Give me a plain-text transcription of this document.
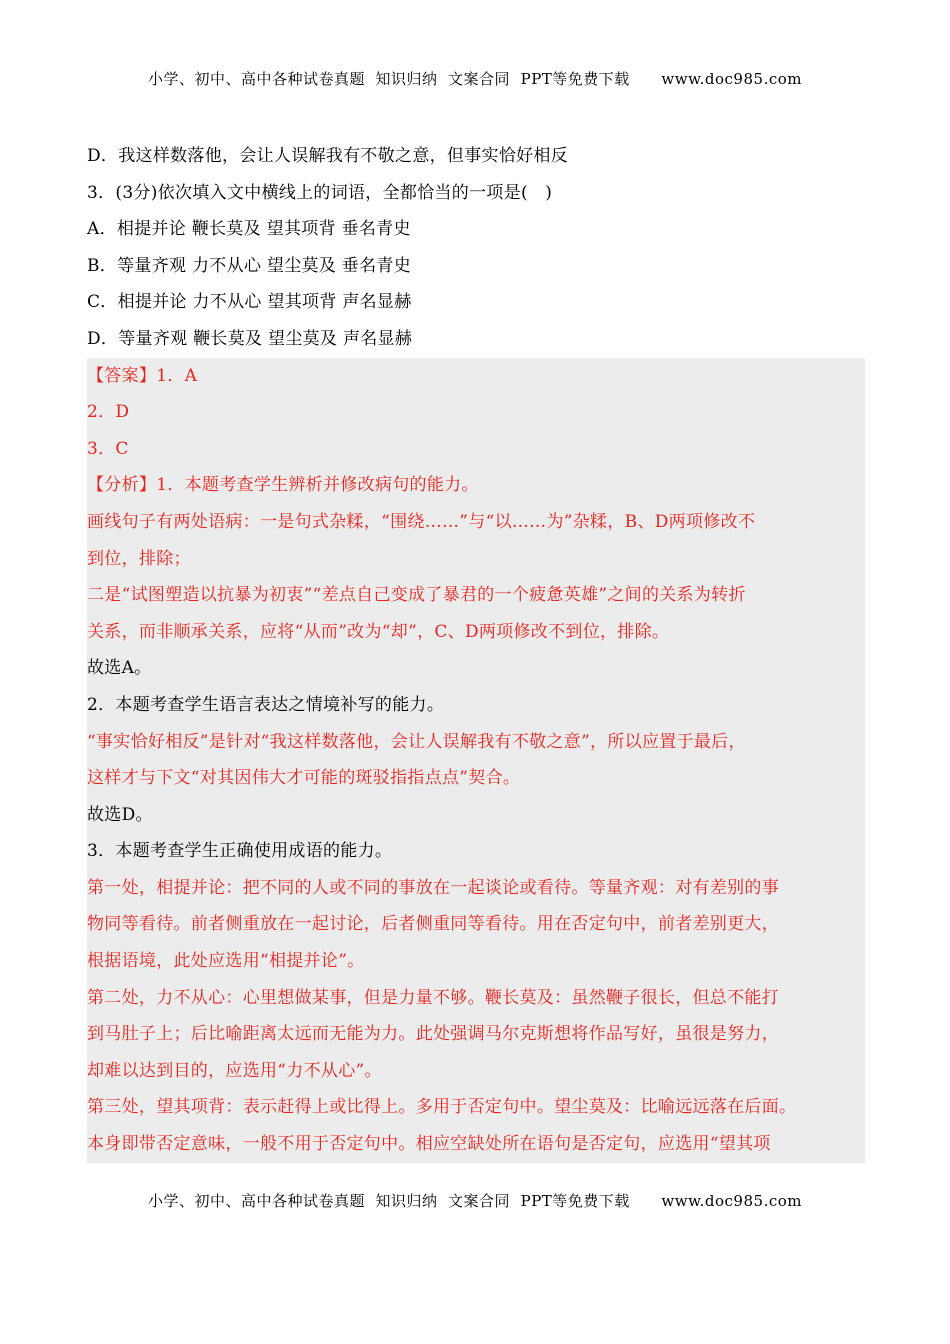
小学、初中、高中各种试卷真题  知识归纳  文案合同  PPT等免费下载      www.doc985.com
D．我这样数落他，会让人误解我有不敬之意，但事实恰好相反
3．(3分)依次填入文中横线上的词语，全都恰当的一项是(　)
A．相提并论 鞭长莫及 望其项背 垂名青史
B．等量齐观 力不从心 望尘莫及 垂名青史
C．相提并论 力不从心 望其项背 声名显赫
D．等量齐观 鞭长莫及 望尘莫及 声名显赫
【答案】1．A
2．D
3．C
【分析】1．本题考查学生辨析并修改病句的能力。
画线句子有两处语病：一是句式杂糅，“围绕……”与“以……为”杂糅，B、D两项修改不
到位，排除；
二是“试图塑造以抗暴为初衷”“差点自己变成了暴君的一个疲惫英雄”之间的关系为转折
关系，而非顺承关系，应将“从而”改为“却”，C、D两项修改不到位，排除。
故选A。
2．本题考查学生语言表达之情境补写的能力。
“事实恰好相反”是针对“我这样数落他，会让人误解我有不敬之意”，所以应置于最后，
这样才与下文“对其因伟大才可能的斑驳指指点点”契合。
故选D。
3．本题考查学生正确使用成语的能力。
第一处，相提并论：把不同的人或不同的事放在一起谈论或看待。等量齐观：对有差别的事
物同等看待。前者侧重放在一起讨论，后者侧重同等看待。用在否定句中，前者差别更大，
根据语境，此处应选用“相提并论”。
第二处，力不从心：心里想做某事，但是力量不够。鞭长莫及：虽然鞭子很长，但总不能打
到马肚子上；后比喻距离太远而无能为力。此处强调马尔克斯想将作品写好，虽很是努力，
却难以达到目的，应选用“力不从心”。
第三处，望其项背：表示赶得上或比得上。多用于否定句中。望尘莫及：比喻远远落在后面。
本身即带否定意味，一般不用于否定句中。相应空缺处所在语句是否定句，应选用“望其项
小学、初中、高中各种试卷真题  知识归纳  文案合同  PPT等免费下载      www.doc985.com
